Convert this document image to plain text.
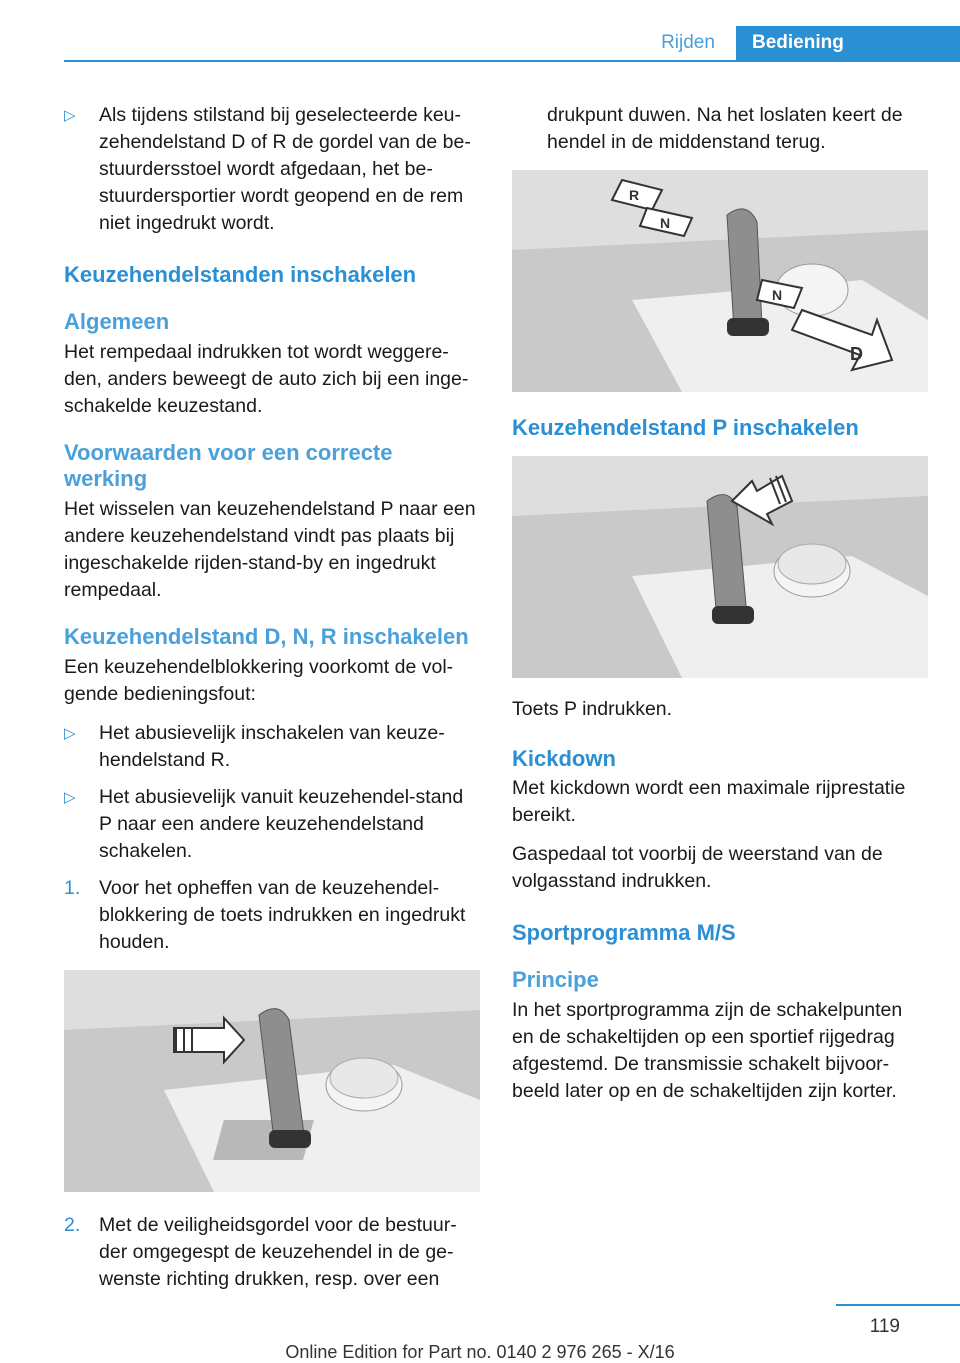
Rijden	Bediening
▷ Als tijdens stilstand bij geselecteerde keu-zehendelstand D of R de gordel van de be-stuurdersstoel wordt afgedaan, het be-stuurdersportier wordt geopend en de rem niet ingedrukt wordt.
Keuzehendelstanden inschakelen
Algemeen

Het rempedaal indrukken tot wordt weggere-den, anders beweegt de auto zich bij een inge-schakelde keuzestand.

Voorwaarden voor een correcte werking

Het wisselen van keuzehendelstand P naar een andere keuzehendelstand vindt pas plaats bij ingeschakelde rijden-stand-by en ingedrukt rempedaal.

Keuzehendelstand D, N, R inschakelen

Een keuzehendelblokkering voorkomt de vol-gende bedieningsfout:

▷ Het abusievelijk inschakelen van keuze-hendelstand R.
▷ Het abusievelijk vanuit keuzehendel-stand P naar een andere keuzehendelstand schakelen.
1. Voor het opheffen van de keuzehendel-blokkering de toets indrukken en ingedrukt houden.
2. Met de veiligheidsgordel voor de bestuur-der omgegespt de keuzehendel in de ge-wenste richting drukken, resp. over een

drukpunt duwen. Na het loslaten keert de hendel in de middenstand terug.

R
N
N
D
Keuzehendelstand P inschakelen

Toets P indrukken.

Kickdown

Met kickdown wordt een maximale rijprestatie bereikt.

Gaspedaal tot voorbij de weerstand van de volgasstand indrukken.

Sportprogramma M/S
Principe

In het sportprogramma zijn de schakelpunten en de schakeltijden op een sportief rijgedrag afgestemd. De transmissie schakelt bijvoor-beeld later op en de schakeltijden zijn korter.

119
Online Edition for Part no. 0140 2 976 265 - X/16
